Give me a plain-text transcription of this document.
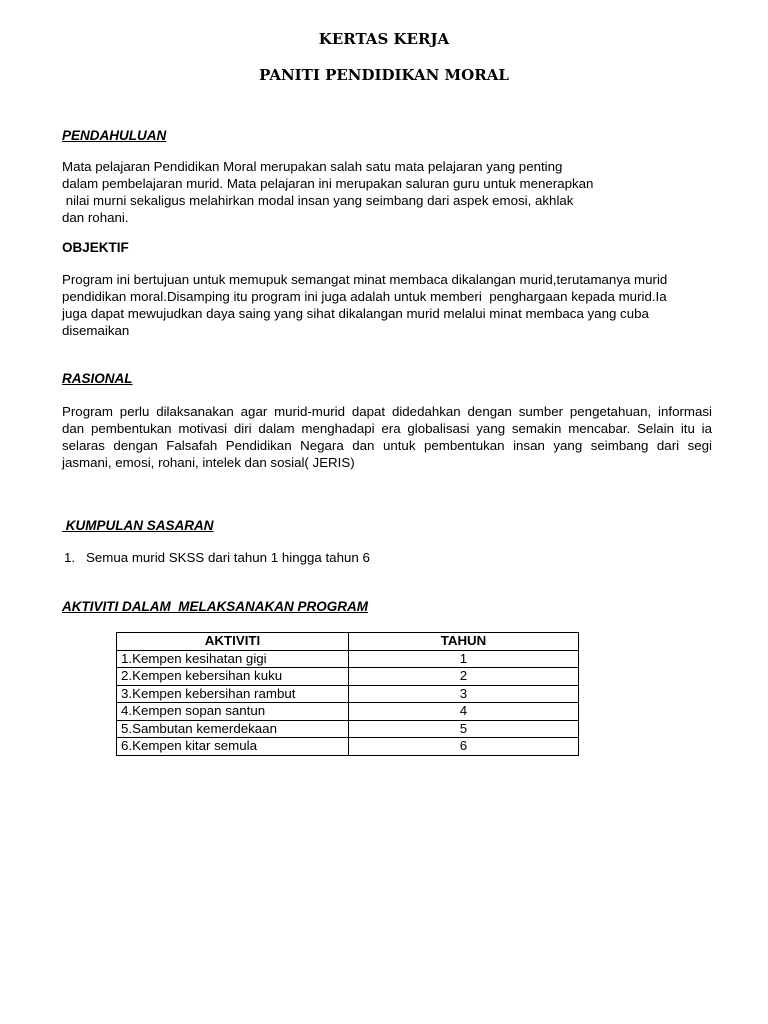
KERTAS KERJA
PANITI PENDIDIKAN MORAL
PENDAHULUAN
Mata pelajaran Pendidikan Moral merupakan salah satu mata pelajaran yang penting
dalam pembelajaran murid. Mata pelajaran ini merupakan saluran guru untuk menerapkan
nilai murni sekaligus melahirkan modal insan yang seimbang dari aspek emosi, akhlak
dan rohani.
OBJEKTIF
Program ini bertujuan untuk memupuk semangat minat membaca dikalangan murid,terutamanya murid
pendidikan moral.Disamping itu program ini juga adalah untuk memberi  penghargaan kepada murid.Ia
juga dapat mewujudkan daya saing yang sihat dikalangan murid melalui minat membaca yang cuba
disemaikan
RASIONAL
Program perlu dilaksanakan agar murid-murid dapat didedahkan dengan sumber pengetahuan, informasi
dan pembentukan motivasi diri dalam menghadapi era globalisasi yang semakin mencabar. Selain itu ia
selaras dengan Falsafah Pendidikan Negara dan untuk pembentukan insan yang seimbang dari segi
jasmani, emosi, rohani, intelek dan sosial( JERIS)
KUMPULAN SASARAN
1. Semua murid SKSS dari tahun 1 hingga tahun 6
AKTIVITI DALAM  MELAKSANAKAN PROGRAM
AKTIVITI	TAHUN
1.Kempen kesihatan gigi	1
2.Kempen kebersihan kuku	2
3.Kempen kebersihan rambut	3
4.Kempen sopan santun	4
5.Sambutan kemerdekaan	5
6.Kempen kitar semula	6
